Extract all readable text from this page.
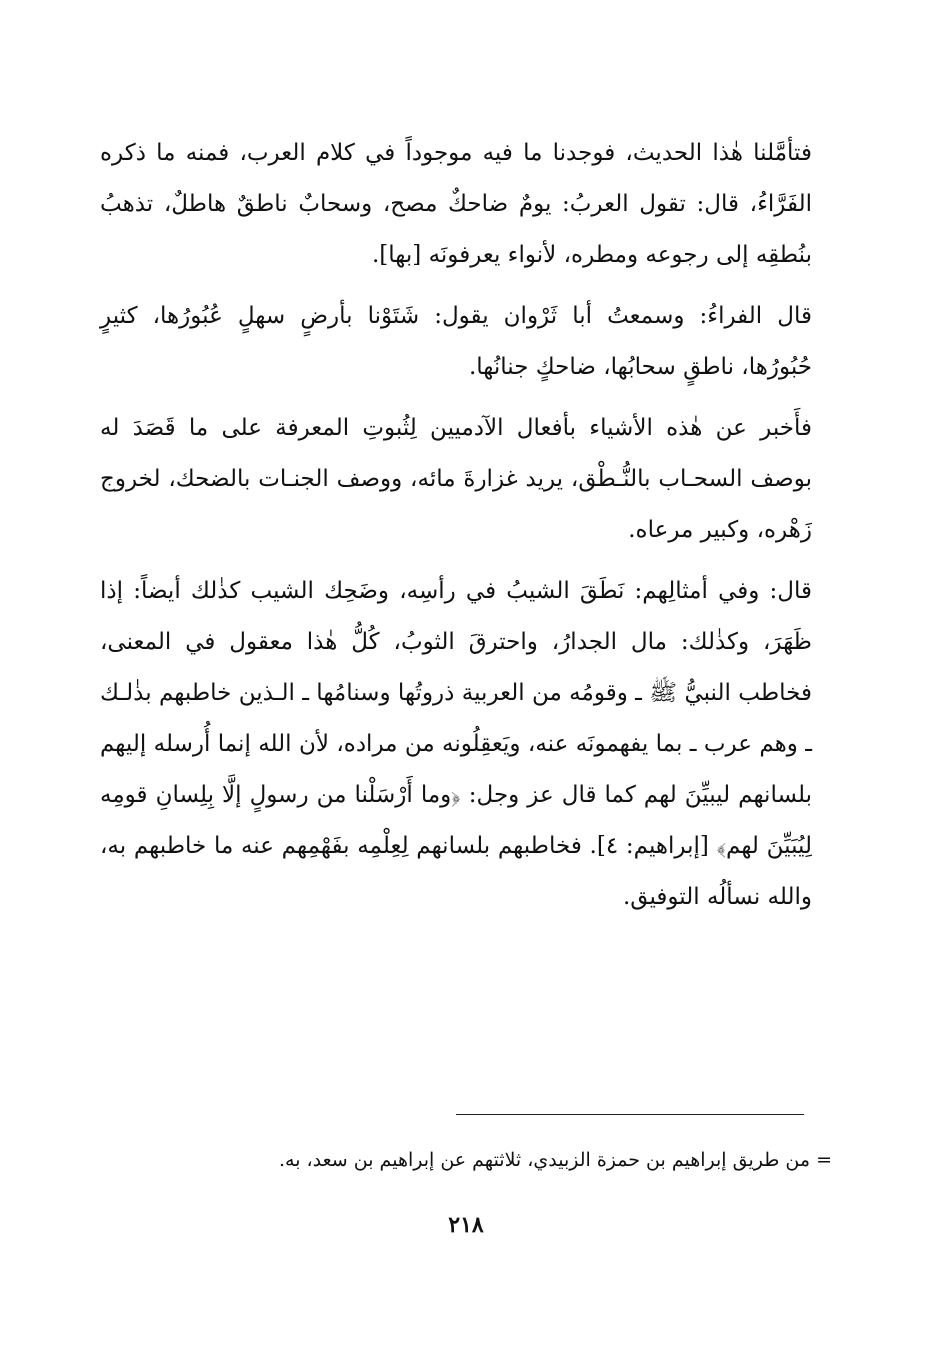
فتأمَّلنا هٰذا الحديث، فوجدنا ما فيه موجوداً في كلام العرب، فمنه ما ذكره الفَرَّاءُ، قال: تقول العربُ: يومٌ ضاحكٌ مصح، وسحابٌ ناطقٌ هاطلٌ، تذهبُ بنُطقِه إلى رجوعه ومطره، لأنواء يعرفونَه [بها].

قال الفراءُ: وسمعتُ أبا ثَرْوان يقول: شَتَوْنا بأرضٍ سهلٍ عُبُورُها، كثيرٍ حُبُورُها، ناطقٍ سحابُها، ضاحكٍ جنانُها.

فأَخبر عن هٰذه الأشياء بأفعال الآدميين لِثُبوتِ المعرفة على ما قَصَدَ له بوصف السحـاب بالنُّـطْق، يريد غزارةَ مائه، ووصف الجنـات بالضحك، لخروج زَهْره، وكبير مرعاه.

قال: وفي أمثالِهم: نَطَقَ الشيبُ في رأسِه، وضَحِك الشيب كذٰلك أيضاً: إذا ظَهَرَ، وكذٰلك: مال الجدارُ، واحترقَ الثوبُ، كُلُّ هٰذا معقول في المعنى، فخاطب النبيُّ ﷺ ـ وقومُه من العربية ذروتُها وسنامُها ـ الـذين خاطبهم بذٰلـك ـ وهم عرب ـ بما يفهمونَه عنه، ويَعقِلُونه من مراده، لأن الله إنما أُرسله إليهم بلسانهم ليبيِّنَ لهم كما قال عز وجل: ﴿وما أَرْسَلْنا من رسولٍ إلَّا بِلِسانِ قومِه لِيُبَيِّنَ لهم﴾ [إبراهيم: ٤]. فخاطبهم بلسانهم لِعِلْمِه بفَهْمِهم عنه ما خاطبهم به، والله نسألُه التوفيق.

= من طريق إبراهيم بن حمزة الزبيدي، ثلاثتهم عن إبراهيم بن سعد، به.
٢١٨
